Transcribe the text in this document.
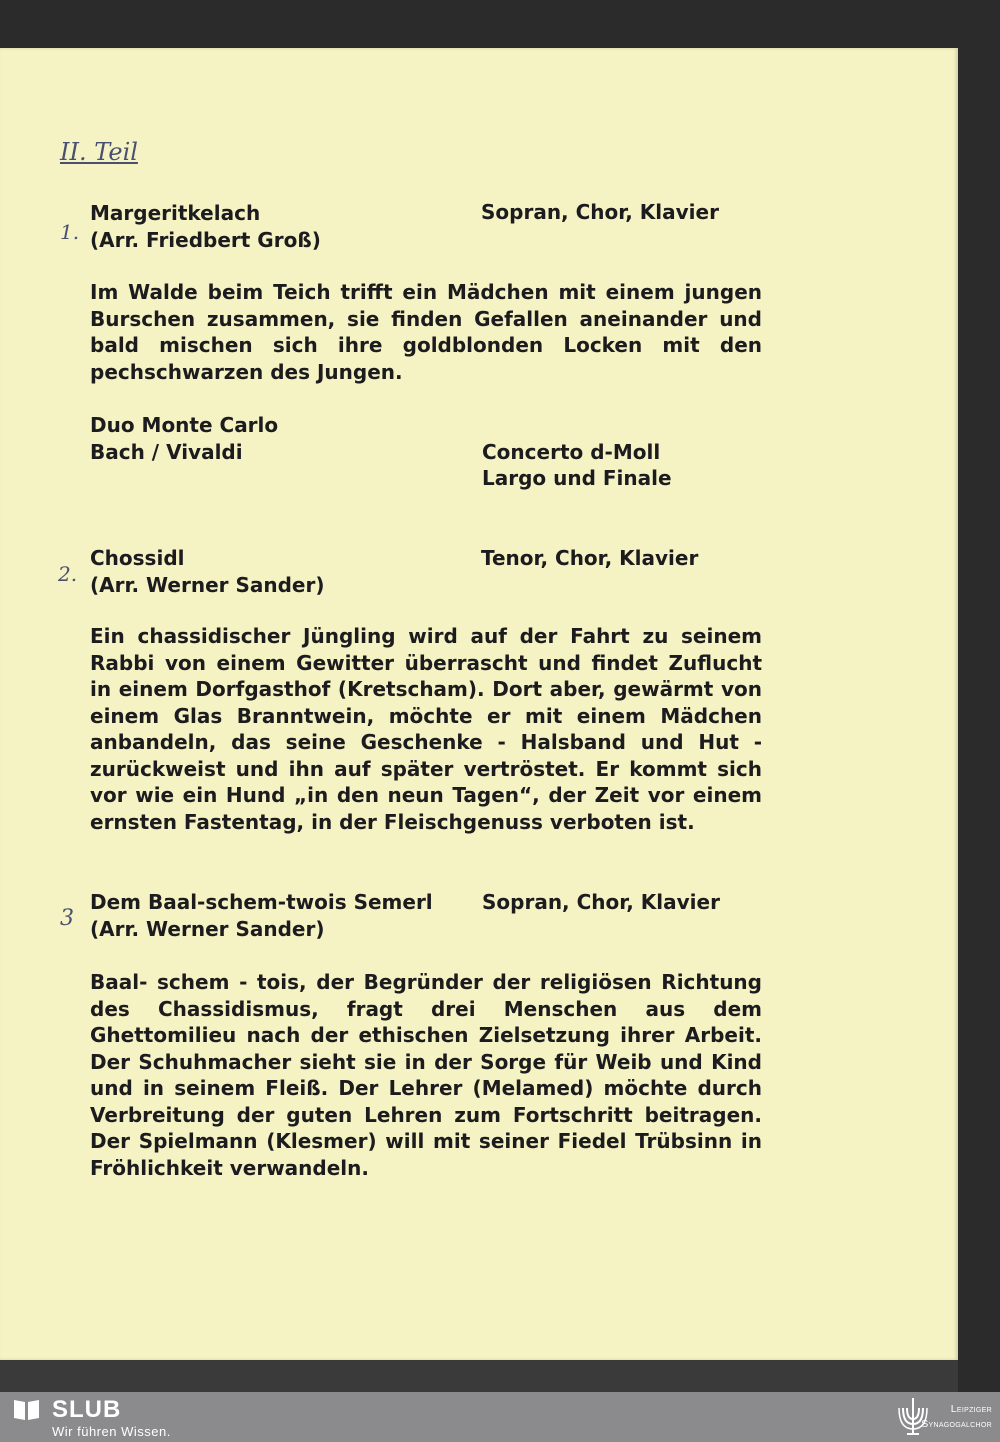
II. Teil
1.
2.
3
Margeritkelach
(Arr. Friedbert Groß)
Sopran, Chor, Klavier
Im Walde beim Teich trifft ein Mädchen mit einem jungen Burschen zusammen, sie finden Gefallen aneinander und bald mischen sich ihre goldblonden Locken mit den pechschwarzen des Jungen.
Duo Monte Carlo
Bach / Vivaldi	Concerto d-Moll
Largo und Finale
Chossidl
(Arr. Werner Sander)
Tenor, Chor, Klavier
Ein chassidischer Jüngling wird auf der Fahrt zu seinem Rabbi von einem Gewitter überrascht und findet Zuflucht in einem Dorfgasthof (Kretscham). Dort aber, gewärmt von einem Glas Branntwein, möchte er mit einem Mädchen anbandeln, das seine Geschenke - Halsband und Hut - zurückweist und ihn auf später vertröstet. Er kommt sich vor wie ein Hund „in den neun Tagen“, der Zeit vor einem ernsten Fastentag, in der Fleischgenuss verboten ist.
Dem Baal-schem-twois Semerl
(Arr. Werner Sander)
Sopran, Chor, Klavier
Baal- schem - tois, der Begründer der religiösen Richtung des Chassidismus, fragt drei Menschen aus dem Ghettomilieu nach der ethischen Zielsetzung ihrer Arbeit. Der Schuhmacher sieht sie in der Sorge für Weib und Kind und in seinem Fleiß. Der Lehrer (Melamed) möchte durch Verbreitung der guten Lehren zum Fortschritt beitragen. Der Spielmann (Klesmer) will mit seiner Fiedel Trübsinn in Fröhlichkeit verwandeln.
SLUB
Wir führen Wissen.
Leipziger
Synagogalchor
